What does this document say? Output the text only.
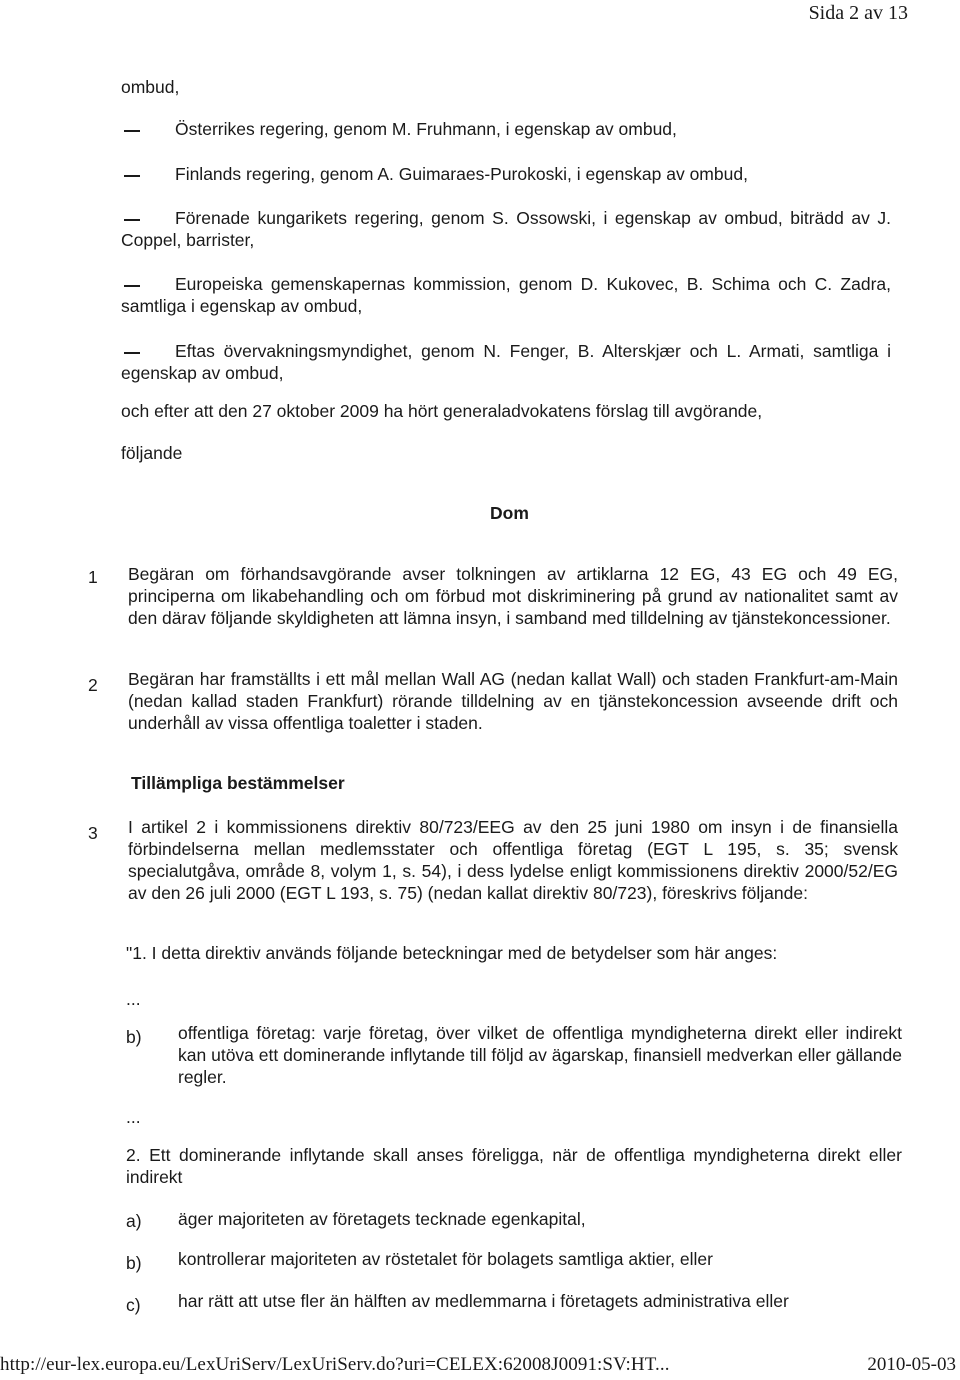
Sida 2 av 13
ombud,
Österrikes regering, genom M. Fruhmann, i egenskap av ombud,
Finlands regering, genom A. Guimaraes-Purokoski, i egenskap av ombud,
Förenade kungarikets regering, genom S. Ossowski, i egenskap av ombud, biträdd av J. Coppel, barrister,
Europeiska gemenskapernas kommission, genom D. Kukovec, B. Schima och C. Zadra, samtliga i egenskap av ombud,
Eftas övervakningsmyndighet, genom N. Fenger, B. Alterskjær och L. Armati, samtliga i egenskap av ombud,
och efter att den 27 oktober 2009 ha hört generaladvokatens förslag till avgörande,
följande
Dom
1 Begäran om förhandsavgörande avser tolkningen av artiklarna 12 EG, 43 EG och 49 EG, principerna om likabehandling och om förbud mot diskriminering på grund av nationalitet samt av den därav följande skyldigheten att lämna insyn, i samband med tilldelning av tjänstekoncessioner.
2 Begäran har framställts i ett mål mellan Wall AG (nedan kallat Wall) och staden Frankfurt-am-Main (nedan kallad staden Frankfurt) rörande tilldelning av en tjänstekoncession avseende drift och underhåll av vissa offentliga toaletter i staden.
Tillämpliga bestämmelser
3 I artikel 2 i kommissionens direktiv 80/723/EEG av den 25 juni 1980 om insyn i de finansiella förbindelserna mellan medlemsstater och offentliga företag (EGT L 195, s. 35; svensk specialutgåva, område 8, volym 1, s. 54), i dess lydelse enligt kommissionens direktiv 2000/52/EG av den 26 juli 2000 (EGT L 193, s. 75) (nedan kallat direktiv 80/723), föreskrivs följande:
"1. I detta direktiv används följande beteckningar med de betydelser som här anges:
...
b) offentliga företag: varje företag, över vilket de offentliga myndigheterna direkt eller indirekt kan utöva ett dominerande inflytande till följd av ägarskap, finansiell medverkan eller gällande regler.
...
2. Ett dominerande inflytande skall anses föreligga, när de offentliga myndigheterna direkt eller indirekt
a) äger majoriteten av företagets tecknade egenkapital,
b) kontrollerar majoriteten av röstetalet för bolagets samtliga aktier, eller
c) har rätt att utse fler än hälften av medlemmarna i företagets administrativa eller
http://eur-lex.europa.eu/LexUriServ/LexUriServ.do?uri=CELEX:62008J0091:SV:HT...	2010-05-03
